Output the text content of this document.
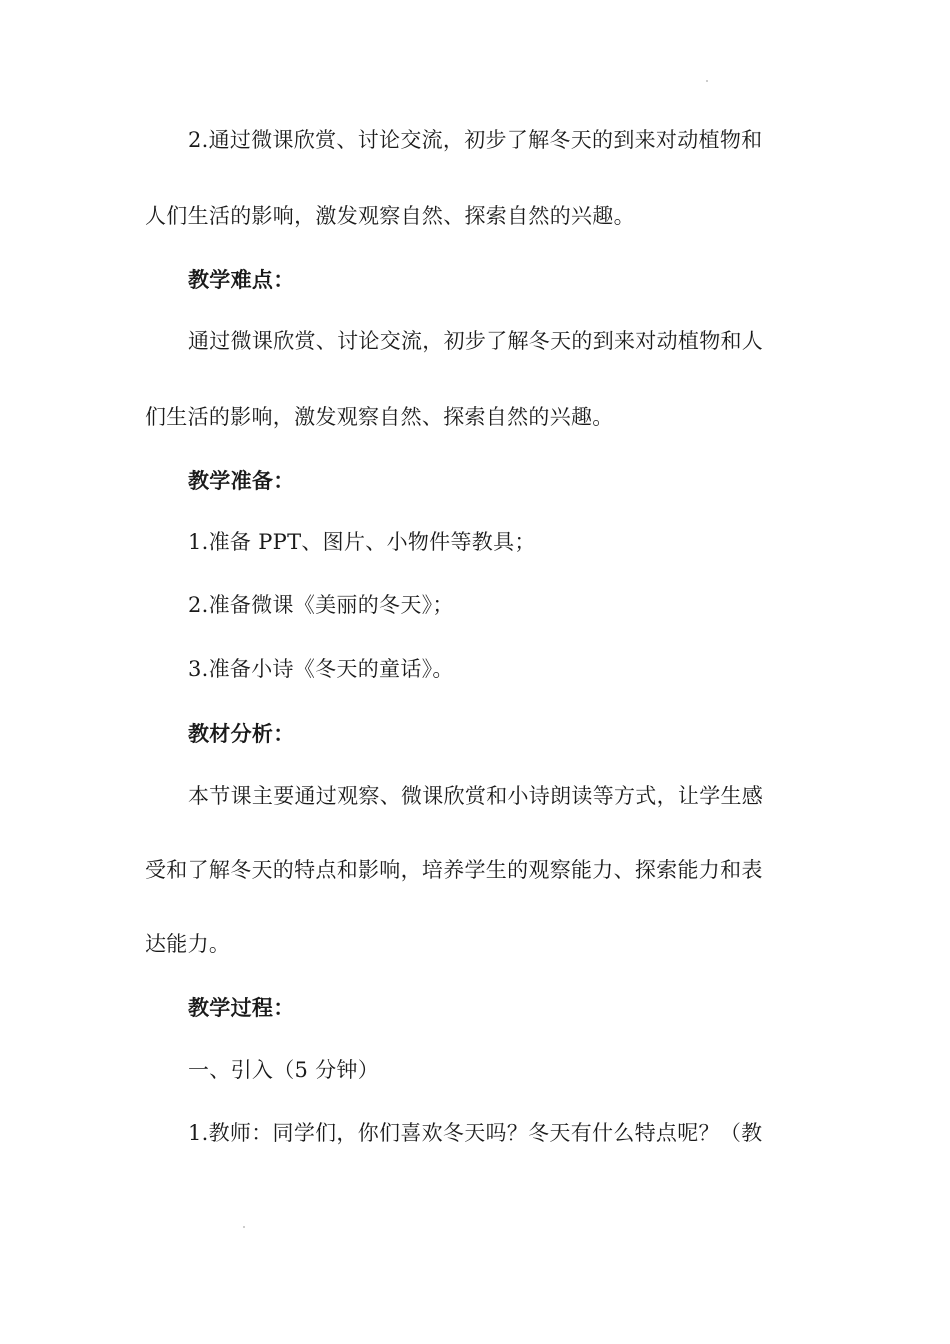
2.通过微课欣赏、讨论交流，初步了解冬天的到来对动植物和
人们生活的影响，激发观察自然、探索自然的兴趣。
教学难点：
通过微课欣赏、讨论交流，初步了解冬天的到来对动植物和人
们生活的影响，激发观察自然、探索自然的兴趣。
教学准备：
1.准备 PPT、图片、小物件等教具；
2.准备微课《美丽的冬天》；
3.准备小诗《冬天的童话》。
教材分析：
本节课主要通过观察、微课欣赏和小诗朗读等方式，让学生感
受和了解冬天的特点和影响，培养学生的观察能力、探索能力和表
达能力。
教学过程：
一、引入（5 分钟）
1.教师：同学们，你们喜欢冬天吗？冬天有什么特点呢？（教
